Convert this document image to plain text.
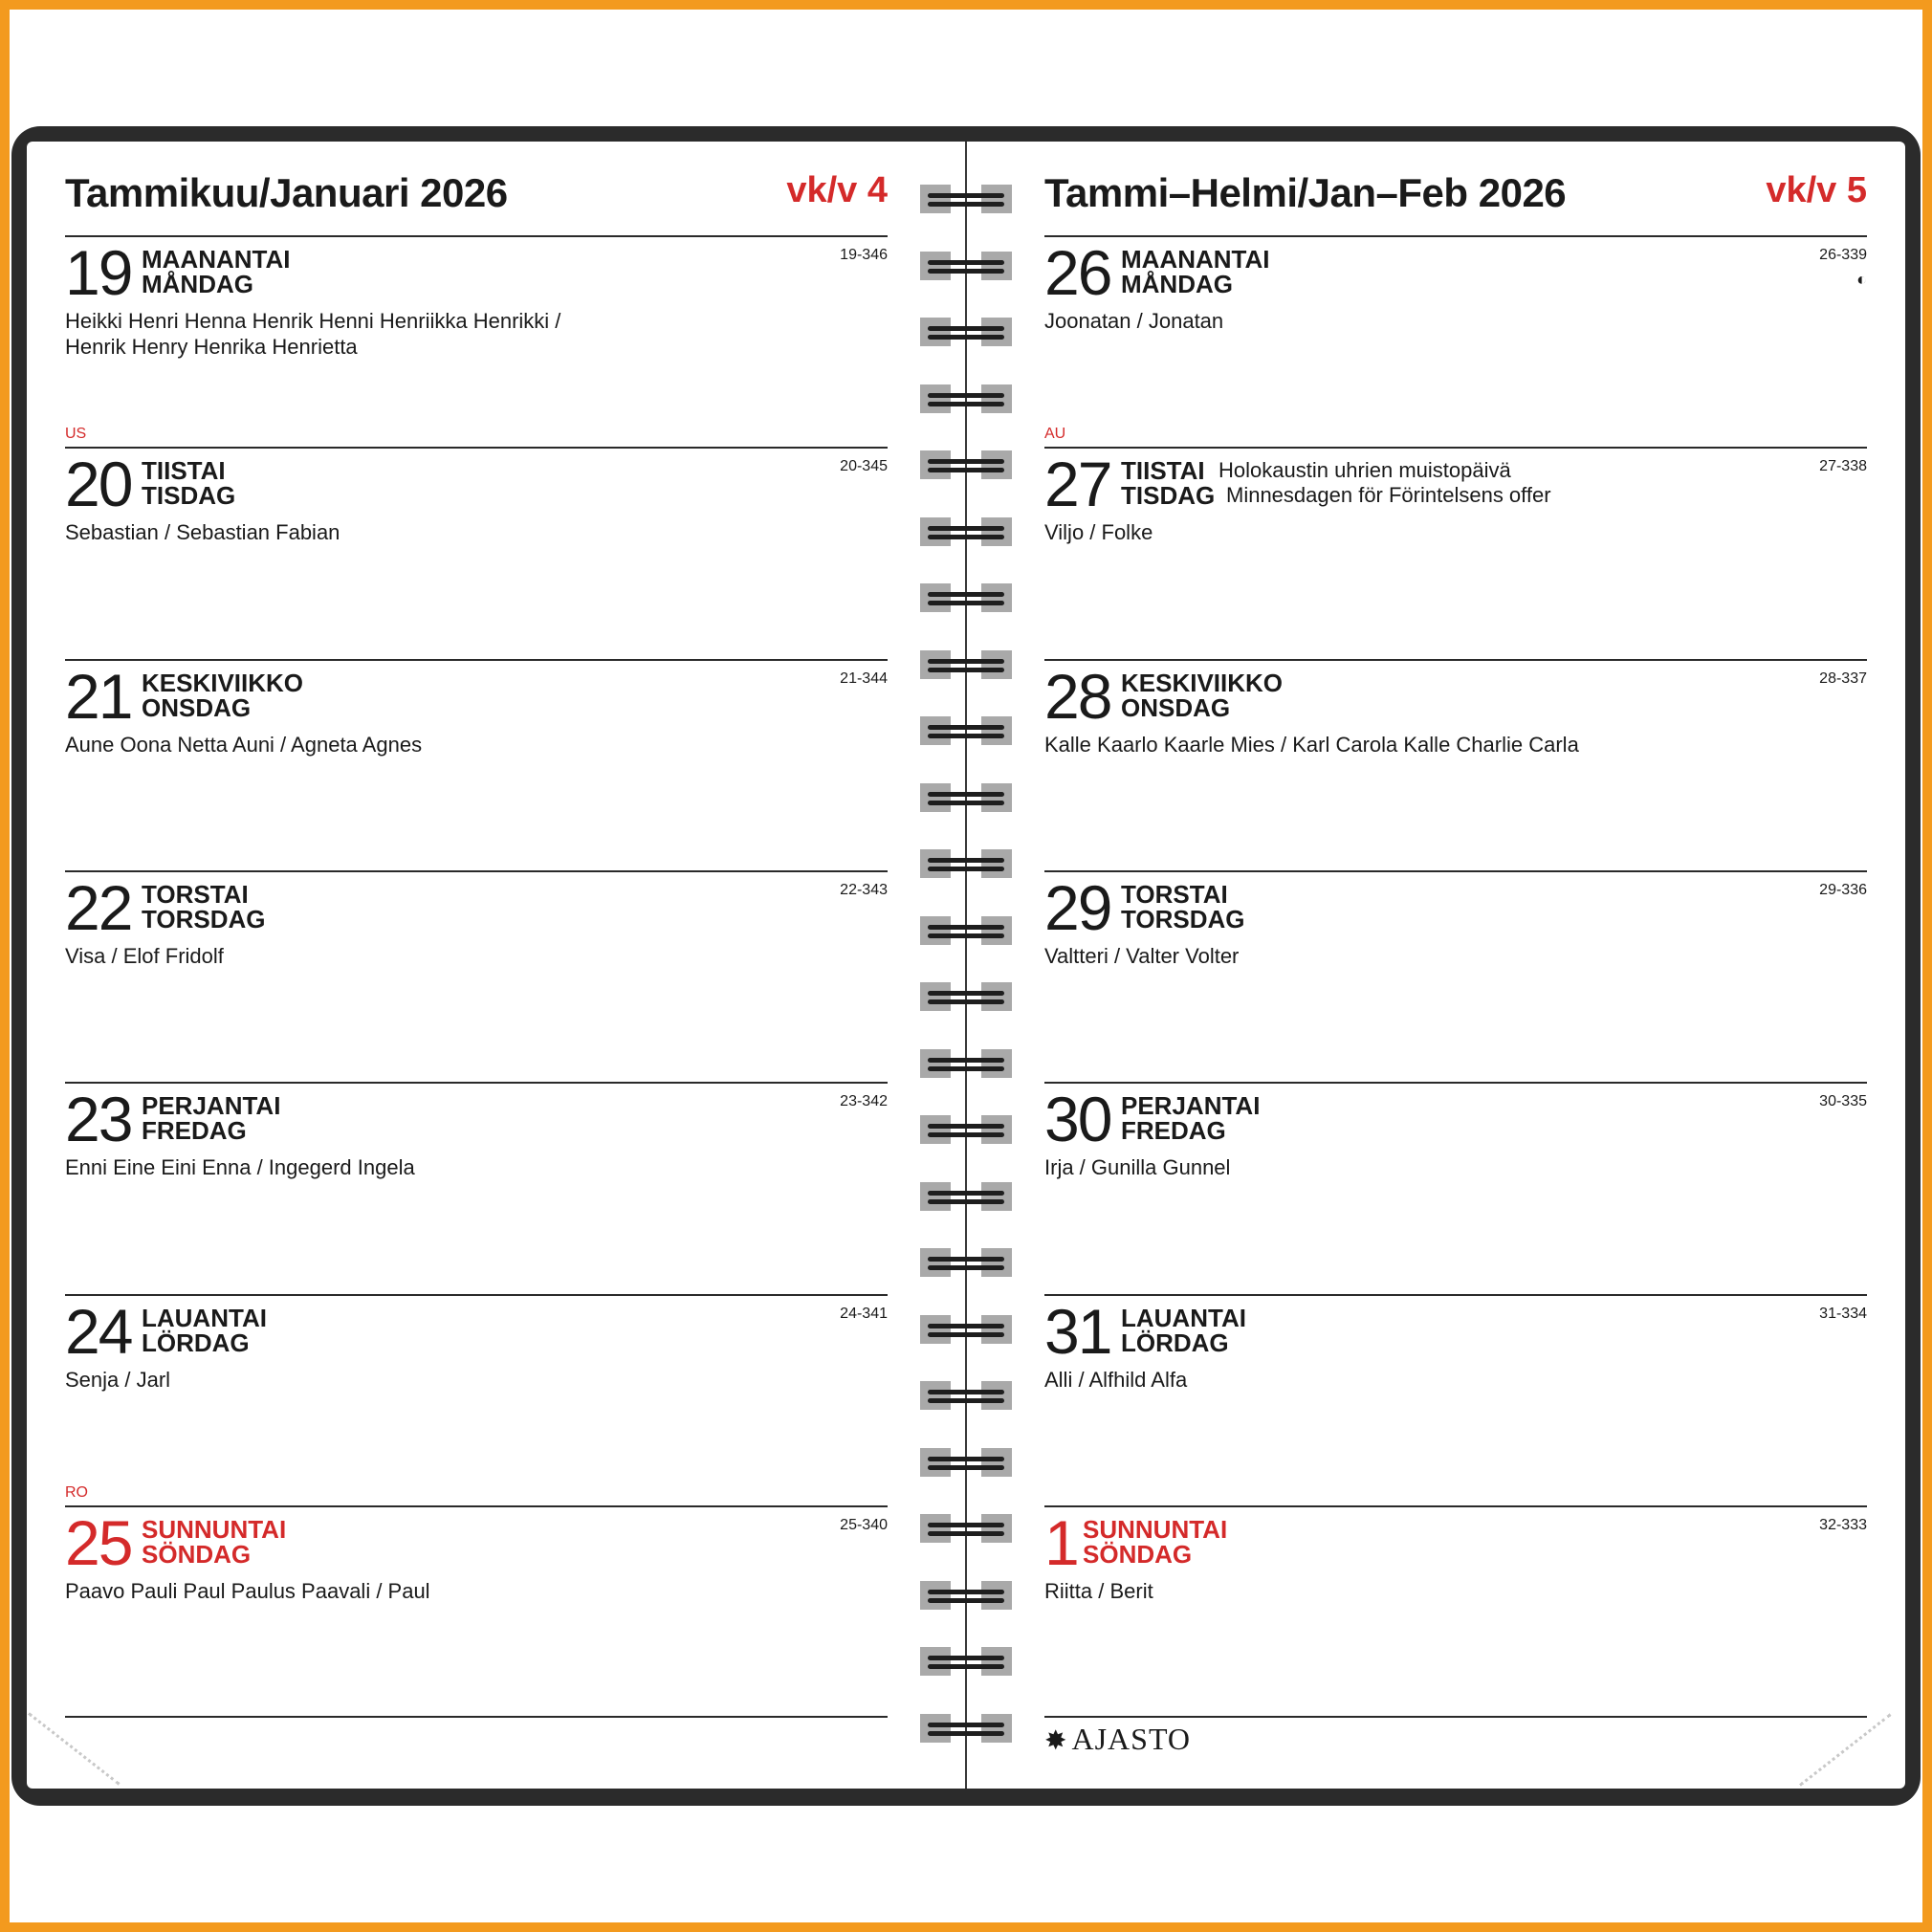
Tammikuu/Januari 2026	vk/v 4	Tammi–Helmi/Jan–Feb 2026	vk/v 5
19 MAANANTAI
MÅNDAG
19-346
Heikki Henri Henna Henrik Henni Henriikka Henrikki /
Henrik Henry Henrika Henrietta
US
20 TIISTAI
TISDAG
20-345
Sebastian / Sebastian Fabian
21 KESKIVIIKKO
ONSDAG
21-344
Aune Oona Netta Auni / Agneta Agnes
22 TORSTAI
TORSDAG
22-343
Visa / Elof Fridolf
23 PERJANTAI
FREDAG
23-342
Enni Eine Eini Enna / Ingegerd Ingela
24 LAUANTAI
LÖRDAG
24-341
Senja / Jarl
RO
25 SUNNUNTAI
SÖNDAG
25-340
Paavo Pauli Paul Paulus Paavali / Paul
26 MAANANTAI
MÅNDAG
26-339
◐
Joonatan / Jonatan
AU
27 TIISTAI
TISDAG
Holokaustin uhrien muistopäivä
Minnesdagen för Förintelsens offer
27-338
Viljo / Folke
28 KESKIVIIKKO
ONSDAG
28-337
Kalle Kaarlo Kaarle Mies / Karl Carola Kalle Charlie Carla
29 TORSTAI
TORSDAG
29-336
Valtteri / Valter Volter
30 PERJANTAI
FREDAG
30-335
Irja / Gunilla Gunnel
31 LAUANTAI
LÖRDAG
31-334
Alli / Alfhild Alfa
1 SUNNUNTAI
SÖNDAG
32-333
Riitta / Berit
✸ AJASTO
